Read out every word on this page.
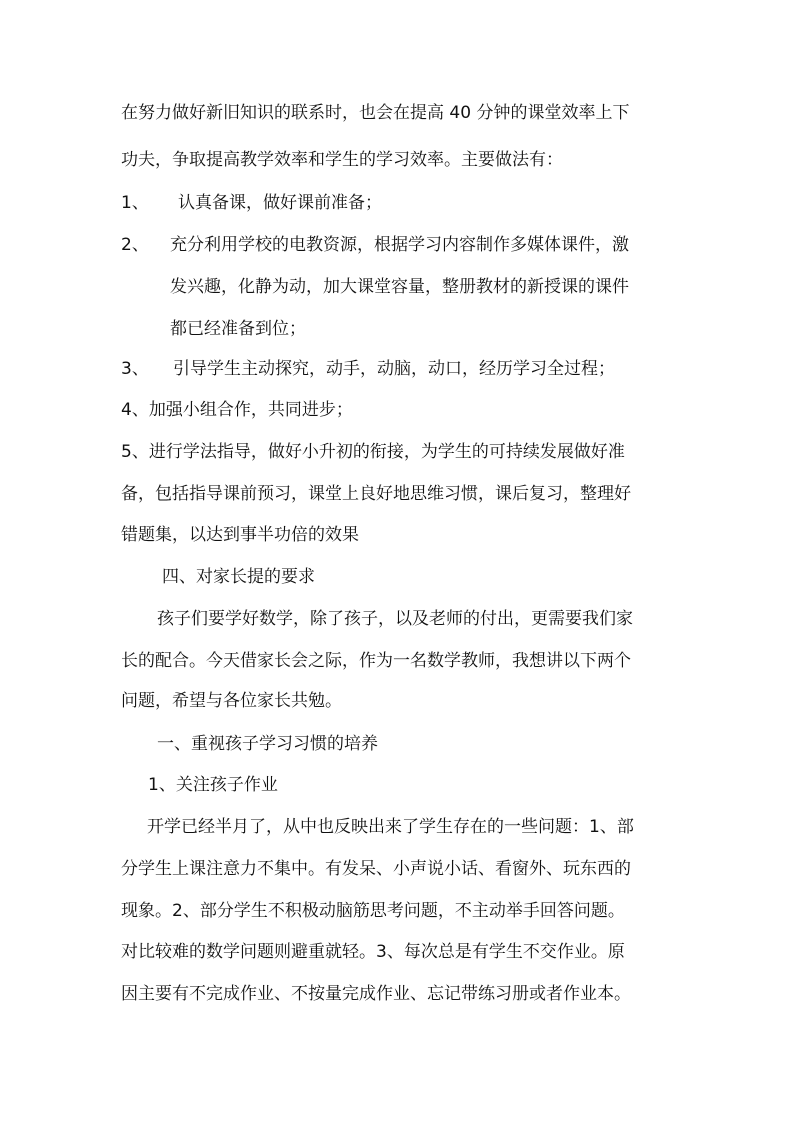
在努力做好新旧知识的联系时，也会在提高 40 分钟的课堂效率上下
功夫，争取提高教学效率和学生的学习效率。主要做法有：
1、 认真备课，做好课前准备；
2、 充分利用学校的电教资源，根据学习内容制作多媒体课件，激
发兴趣，化静为动，加大课堂容量，整册教材的新授课的课件
都已经准备到位；
3、 引导学生主动探究，动手，动脑，动口，经历学习全过程；
4、加强小组合作，共同进步；
5、进行学法指导，做好小升初的衔接，为学生的可持续发展做好准
备，包括指导课前预习，课堂上良好地思维习惯，课后复习，整理好
错题集，以达到事半功倍的效果
四、对家长提的要求
孩子们要学好数学，除了孩子，以及老师的付出，更需要我们家
长的配合。今天借家长会之际，作为一名数学教师，我想讲以下两个
问题，希望与各位家长共勉。
一、重视孩子学习习惯的培养
1、关注孩子作业
开学已经半月了，从中也反映出来了学生存在的一些问题：1、部
分学生上课注意力不集中。有发呆、小声说小话、看窗外、玩东西的
现象。2、部分学生不积极动脑筋思考问题，不主动举手回答问题。
对比较难的数学问题则避重就轻。3、每次总是有学生不交作业。原
因主要有不完成作业、不按量完成作业、忘记带练习册或者作业本。
